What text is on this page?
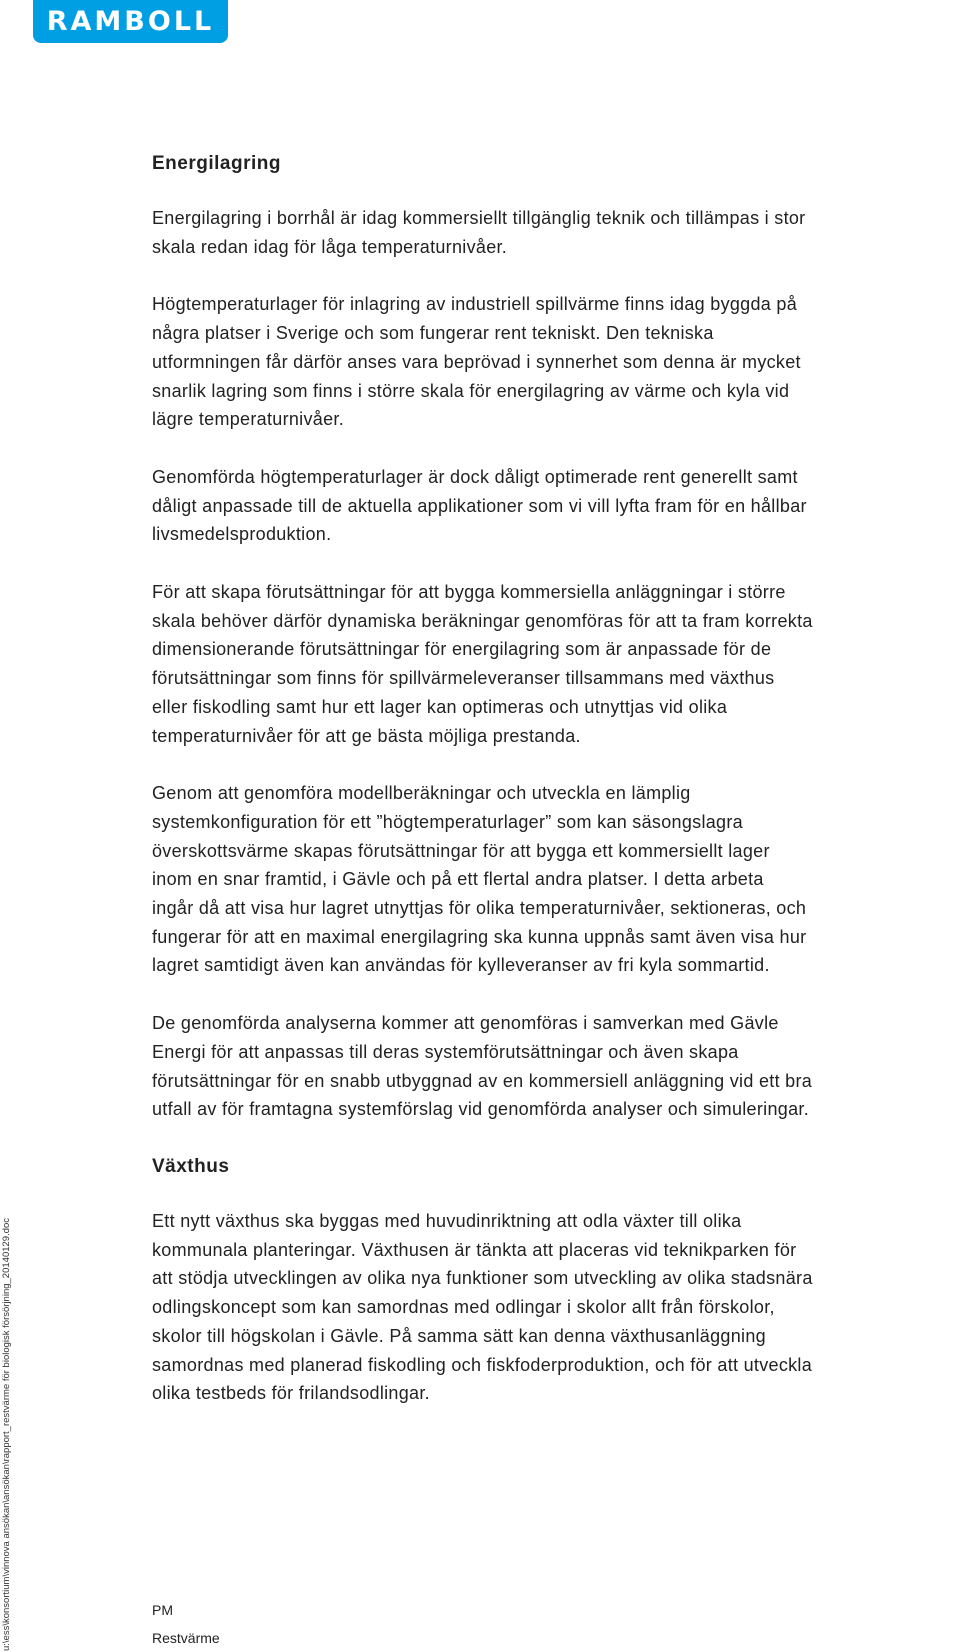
RAMBOLL
Energilagring

Energilagring i borrhål är idag kommersiellt tillgänglig teknik och tillämpas i stor
skala redan idag för låga temperaturnivåer.

Högtemperaturlager för inlagring av industriell spillvärme finns idag byggda på
några platser i Sverige och som fungerar rent tekniskt. Den tekniska
utformningen får därför anses vara beprövad i synnerhet som denna är mycket
snarlik lagring som finns i större skala för energilagring av värme och kyla vid
lägre temperaturnivåer.

Genomförda högtemperaturlager är dock dåligt optimerade rent generellt samt
dåligt anpassade till de aktuella applikationer som vi vill lyfta fram för en hållbar
livsmedelsproduktion.

För att skapa förutsättningar för att bygga kommersiella anläggningar i större
skala behöver därför dynamiska beräkningar genomföras för att ta fram korrekta
dimensionerande förutsättningar för energilagring som är anpassade för de
förutsättningar som finns för spillvärmeleveranser tillsammans med växthus
eller fiskodling samt hur ett lager kan optimeras och utnyttjas vid olika
temperaturnivåer för att ge bästa möjliga prestanda.

Genom att genomföra modellberäkningar och utveckla en lämplig
systemkonfiguration för ett ”högtemperaturlager” som kan säsongslagra
överskottsvärme skapas förutsättningar för att bygga ett kommersiellt lager
inom en snar framtid, i Gävle och på ett flertal andra platser. I detta arbeta
ingår då att visa hur lagret utnyttjas för olika temperaturnivåer, sektioneras, och
fungerar för att en maximal energilagring ska kunna uppnås samt även visa hur
lagret samtidigt även kan användas för kylleveranser av fri kyla sommartid.

De genomförda analyserna kommer att genomföras i samverkan med Gävle
Energi för att anpassas till deras systemförutsättningar och även skapa
förutsättningar för en snabb utbyggnad av en kommersiell anläggning vid ett bra
utfall av för framtagna systemförslag vid genomförda analyser och simuleringar.

Växthus

Ett nytt växthus ska byggas med huvudinriktning att odla växter till olika
kommunala planteringar. Växthusen är tänkta att placeras vid teknikparken för
att stödja utvecklingen av olika nya funktioner som utveckling av olika stadsnära
odlingskoncept som kan samordnas med odlingar i skolor allt från förskolor,
skolor till högskolan i Gävle. På samma sätt kan denna växthusanläggning
samordnas med planerad fiskodling och fiskfoderproduktion, och för att utveckla
olika testbeds för frilandsodlingar.

u:\ess\konsortium\vinnova ansökan\ansökan\rapport_restvärme för biologisk försörjning_20140129.doc	PM
Restvärme
